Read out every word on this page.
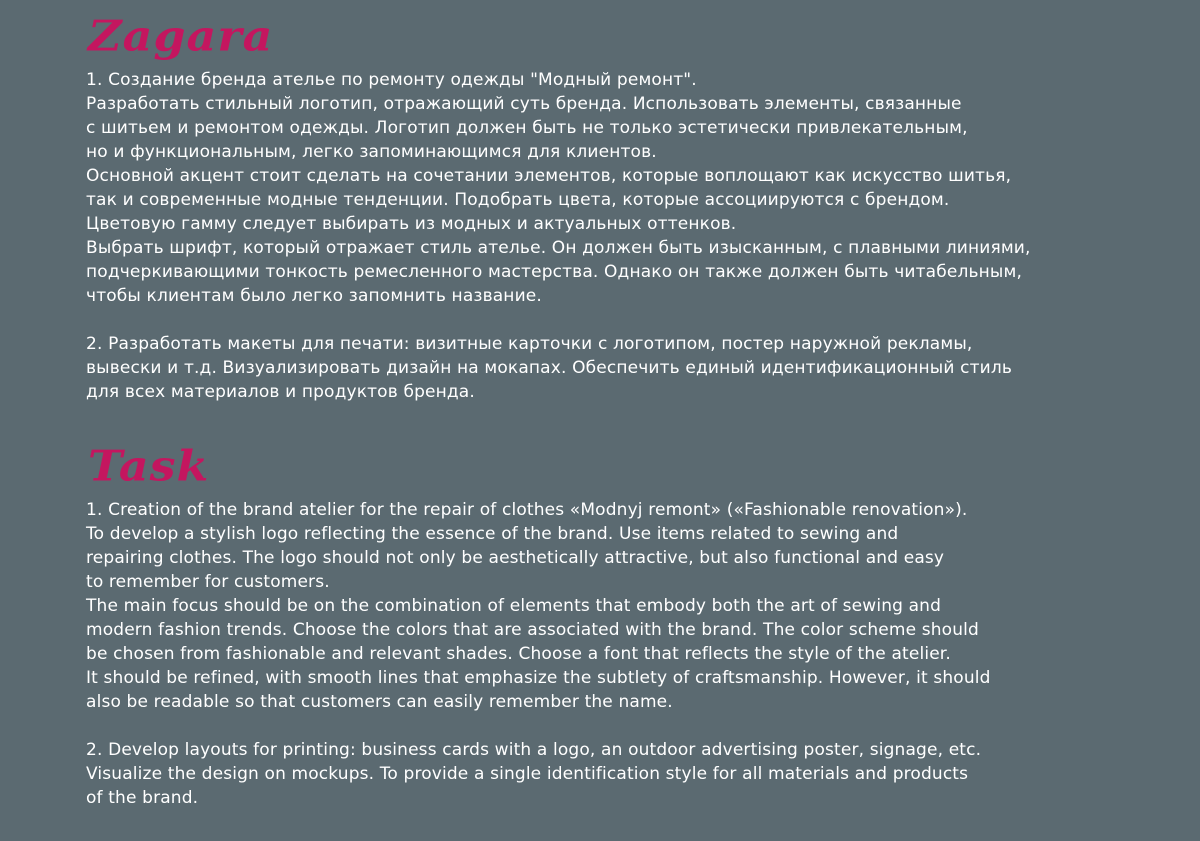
Zagara

1. Создание бренда ателье по ремонту одежды "Модный ремонт".
Разработать стильный логотип, отражающий суть бренда. Использовать элементы, связанные
с шитьем и ремонтом одежды. Логотип должен быть не только эстетически привлекательным,
но и функциональным, легко запоминающимся для клиентов.
Основной акцент стоит сделать на сочетании элементов, которые воплощают как искусство шитья,
так и современные модные тенденции. Подобрать цвета, которые ассоциируются с брендом.
Цветовую гамму следует выбирать из модных и актуальных оттенков.
Выбрать шрифт, который отражает стиль ателье. Он должен быть изысканным, с плавными линиями,
подчеркивающими тонкость ремесленного мастерства. Однако он также должен быть читабельным,
чтобы клиентам было легко запомнить название.

2. Разработать макеты для печати: визитные карточки с логотипом, постер наружной рекламы,
вывески и т.д. Визуализировать дизайн на мокапах. Обеспечить единый идентификационный стиль
для всех материалов и продуктов бренда.

Task

1. Creation of the brand atelier for the repair of clothes «Modnyj remont» («Fashionable renovation»).
To develop a stylish logo reflecting the essence of the brand. Use items related to sewing and
repairing clothes. The logo should not only be aesthetically attractive, but also functional and easy
to remember for customers.
The main focus should be on the combination of elements that embody both the art of sewing and
modern fashion trends. Choose the colors that are associated with the brand. The color scheme should
be chosen from fashionable and relevant shades. Choose a font that reflects the style of the atelier.
It should be refined, with smooth lines that emphasize the subtlety of craftsmanship. However, it should
also be readable so that customers can easily remember the name.

2. Develop layouts for printing: business cards with a logo, an outdoor advertising poster, signage, etc.
Visualize the design on mockups. To provide a single identification style for all materials and products
of the brand.
